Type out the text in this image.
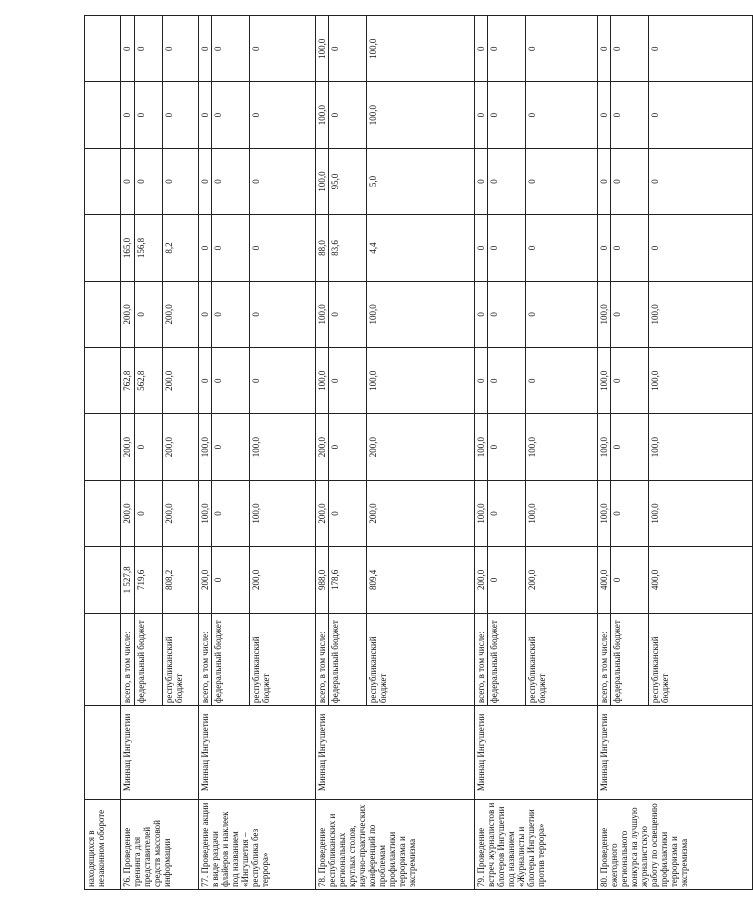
находящихся в незаконном обороте											
76. Проведение тренинга для представителей средств массовой информации	Миннац Ингушетии	всего, в том числе:	1 527,8	200,0	200,0	762,8	200,0	165,0	0	0	0
		федеральный бюджет	719,6	0	0	562,8	0	156,8	0	0	0
		республиканский бюджет	808,2	200,0	200,0	200,0	200,0	8,2	0	0	0
77. Проведение акции в виде раздачи флайеров и наклеек под названием «Ингушетия – республика без террора»	Миннац Ингушетии	всего, в том числе:	200,0	100,0	100,0	0	0	0	0	0	0
		федеральный бюджет	0	0	0	0	0	0	0	0	0
		республиканский бюджет	200,0	100,0	100,0	0	0	0	0	0	0
78. Проведение республиканских и региональных круглых столов, научно-практических конференций по проблемам профилактики терроризма и экстремизма	Миннац Ингушетии	всего, в том числе:	988,0	200,0	200,0	100,0	100,0	88,0	100,0	100,0	100,0
		федеральный бюджет	178,6	0	0	0	0	83,6	95,0	0	0
		республиканский бюджет	809,4	200,0	200,0	100,0	100,0	4,4	5,0	100,0	100,0
79. Проведение встреч журналистов и блогеров Ингушетии под названием «Журналисты и блогеры Ингушетии против террора»	Миннац Ингушетии	всего, в том числе:	200,0	100,0	100,0	0	0	0	0	0	0
		федеральный бюджет	0	0	0	0	0	0	0	0	0
		республиканский бюджет	200,0	100,0	100,0	0	0	0	0	0	0
80. Проведение ежегодного регионального конкурса на лучшую журналистскую работу по освещению профилактики терроризма и экстремизма	Миннац Ингушетии	всего, в том числе:	400,0	100,0	100,0	100,0	100,0	0	0	0	0
		федеральный бюджет	0	0	0	0	0	0	0	0	0
		республиканский бюджет	400,0	100,0	100,0	100,0	100,0	0	0	0	0
